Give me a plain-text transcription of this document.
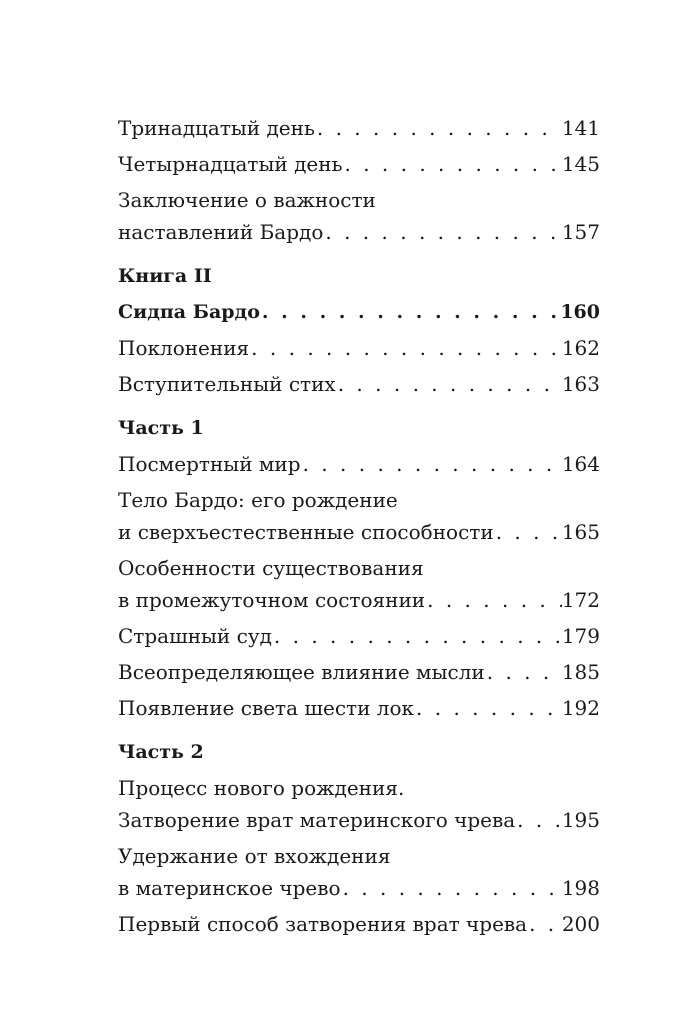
Тринадцатый день . . .	141
Четырнадцатый день . . .	145
Заключение о важности
наставлений Бардо . . .	157
Книга II
Сидпа Бардо . . .	160
Поклонения . . .	162
Вступительный стих . . .	163
Часть 1
Посмертный мир . . .	164
Тело Бардо: его рождение
и сверхъестественные способности . . .	165
Особенности существования
в промежуточном состоянии . . .	172
Страшный суд . . .	179
Всеопределяющее влияние мысли . . .	185
Появление света шести лок . . .	192
Часть 2
Процесс нового рождения.
Затворение врат материнского чрева . . . 195
Удержание от вхождения
в материнское чрево . . .	198
Первый способ затворения врат чрева . . . 200
